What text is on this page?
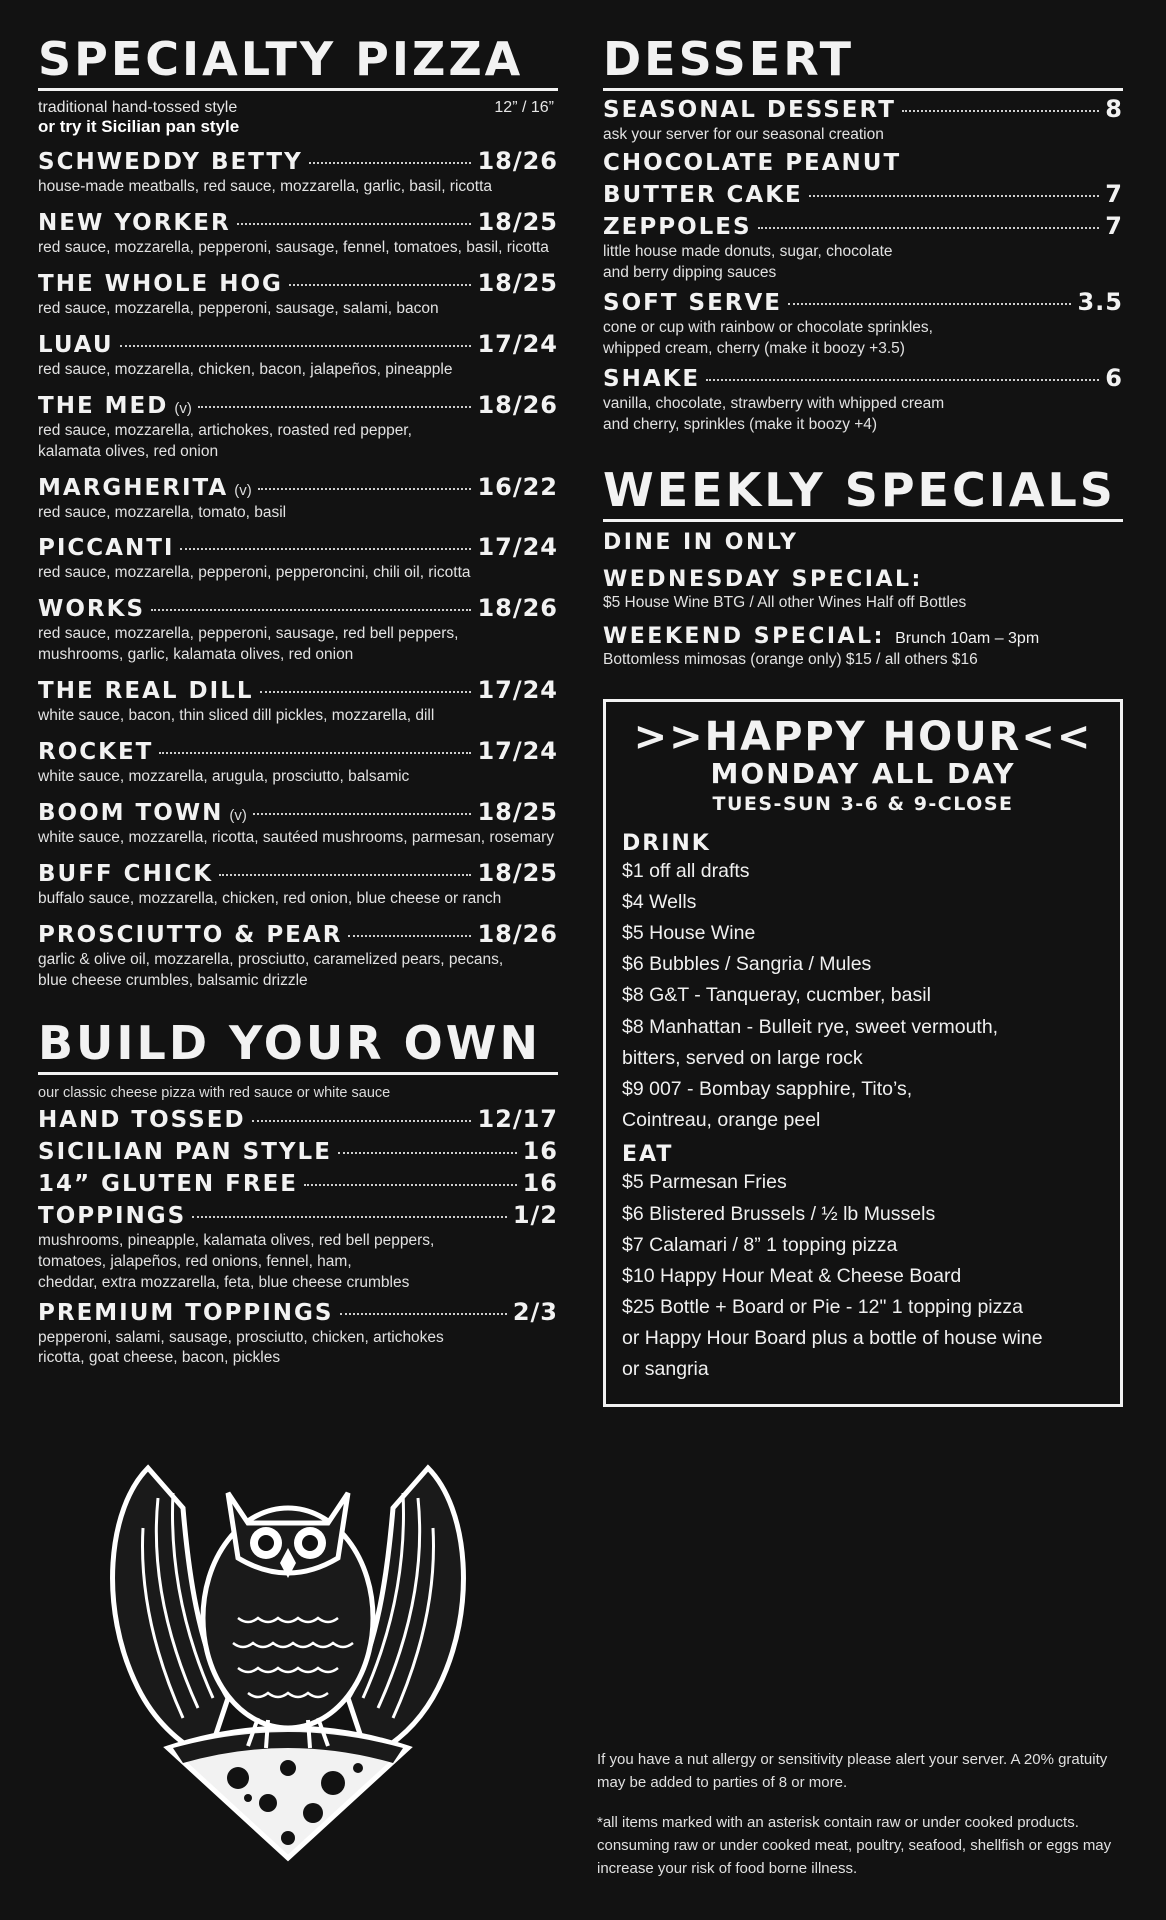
SPECIALTY PIZZA
traditional hand-tossed style	12” / 16”
or try it Sicilian pan style
SCHWEDDY BETTY	18/26
house-made meatballs, red sauce, mozzarella, garlic, basil, ricotta
NEW YORKER	18/25
red sauce, mozzarella, pepperoni, sausage, fennel, tomatoes, basil, ricotta
THE WHOLE HOG	18/25
red sauce, mozzarella, pepperoni, sausage, salami, bacon
LUAU	17/24
red sauce, mozzarella, chicken, bacon, jalapeños, pineapple
THE MED (v)	18/26
red sauce, mozzarella, artichokes, roasted red pepper,
kalamata olives, red onion
MARGHERITA (v)	16/22
red sauce, mozzarella, tomato, basil
PICCANTI	17/24
red sauce, mozzarella, pepperoni, pepperoncini, chili oil, ricotta
WORKS	18/26
red sauce, mozzarella, pepperoni, sausage, red bell peppers,
mushrooms, garlic, kalamata olives, red onion
THE REAL DILL	17/24
white sauce, bacon, thin sliced dill pickles, mozzarella, dill
ROCKET	17/24
white sauce, mozzarella, arugula, prosciutto, balsamic
BOOM TOWN (v)	18/25
white sauce, mozzarella, ricotta, sautéed mushrooms, parmesan, rosemary
BUFF CHICK	18/25
buffalo sauce, mozzarella, chicken, red onion, blue cheese or ranch
PROSCIUTTO & PEAR	18/26
garlic & olive oil, mozzarella, prosciutto, caramelized pears, pecans,
blue cheese crumbles, balsamic drizzle
BUILD YOUR OWN
our classic cheese pizza with red sauce or white sauce
HAND TOSSED	12/17
SICILIAN PAN STYLE	16
14” GLUTEN FREE	16
TOPPINGS	1/2
mushrooms, pineapple, kalamata olives, red bell peppers,
tomatoes, jalapeños, red onions, fennel, ham,
cheddar, extra mozzarella, feta, blue cheese crumbles
PREMIUM TOPPINGS	2/3
pepperoni, salami, sausage, prosciutto, chicken, artichokes
ricotta, goat cheese, bacon, pickles
DESSERT
SEASONAL DESSERT	8
ask your server for our seasonal creation
CHOCOLATE PEANUT
BUTTER CAKE	7
ZEPPOLES	7
little house made donuts, sugar, chocolate
and berry dipping sauces
SOFT SERVE	3.5
cone or cup with rainbow or chocolate sprinkles,
whipped cream, cherry (make it boozy +3.5)
SHAKE	6
vanilla, chocolate, strawberry with whipped cream
and cherry, sprinkles (make it boozy +4)
WEEKLY SPECIALS
DINE IN ONLY
WEDNESDAY SPECIAL:
$5 House Wine BTG / All other Wines Half off Bottles
WEEKEND SPECIAL: Brunch 10am – 3pm
Bottomless mimosas (orange only) $15 / all others $16
>>HAPPY HOUR<<
MONDAY ALL DAY
TUES-SUN 3-6 & 9-CLOSE
DRINK
$1 off all drafts
$4 Wells
$5 House Wine
$6 Bubbles / Sangria / Mules
$8 G&T - Tanqueray, cucmber, basil
$8 Manhattan - Bulleit rye, sweet vermouth,
bitters, served on large rock
$9 007 - Bombay sapphire, Tito’s,
Cointreau, orange peel
EAT
$5 Parmesan Fries
$6 Blistered Brussels / ½ lb Mussels
$7 Calamari / 8” 1 topping pizza
$10 Happy Hour Meat & Cheese Board
$25 Bottle + Board or Pie - 12" 1 topping pizza
or Happy Hour Board plus a bottle of house wine
or sangria
If you have a nut allergy or sensitivity please alert your server. A 20% gratuity may be added to parties of 8 or more.
*all items marked with an asterisk contain raw or under cooked products. consuming raw or under cooked meat, poultry, seafood, shellfish or eggs may increase your risk of food borne illness.
